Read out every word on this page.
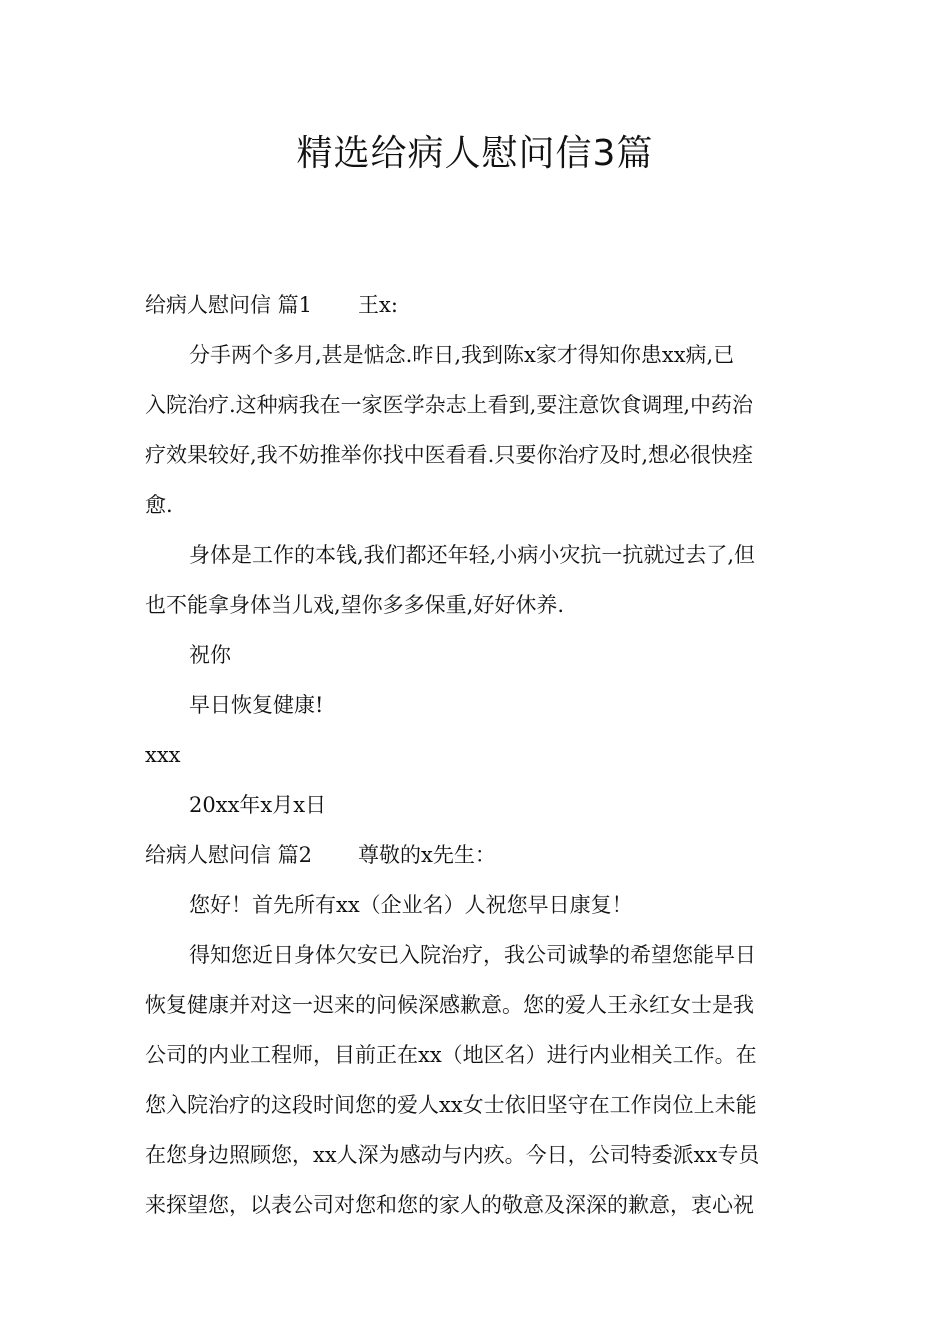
精选给病人慰问信3篇
给病人慰问信 篇1 王x:
分手两个多月,甚是惦念.昨日,我到陈x家才得知你患xx病,已
入院治疗.这种病我在一家医学杂志上看到,要注意饮食调理,中药治
疗效果较好,我不妨推举你找中医看看.只要你治疗及时,想必很快痊
愈.
身体是工作的本钱,我们都还年轻,小病小灾抗一抗就过去了,但
也不能拿身体当儿戏,望你多多保重,好好休养.
祝你
早日恢复健康!
xxx
20xx年x月x日
给病人慰问信 篇2 尊敬的x先生：
您好！首先所有xx（企业名）人祝您早日康复！
得知您近日身体欠安已入院治疗，我公司诚挚的希望您能早日
恢复健康并对这一迟来的问候深感歉意。您的爱人王永红女士是我
公司的内业工程师，目前正在xx（地区名）进行内业相关工作。在
您入院治疗的这段时间您的爱人xx女士依旧坚守在工作岗位上未能
在您身边照顾您，xx人深为感动与内疚。今日，公司特委派xx专员
来探望您，以表公司对您和您的家人的敬意及深深的歉意，衷心祝
